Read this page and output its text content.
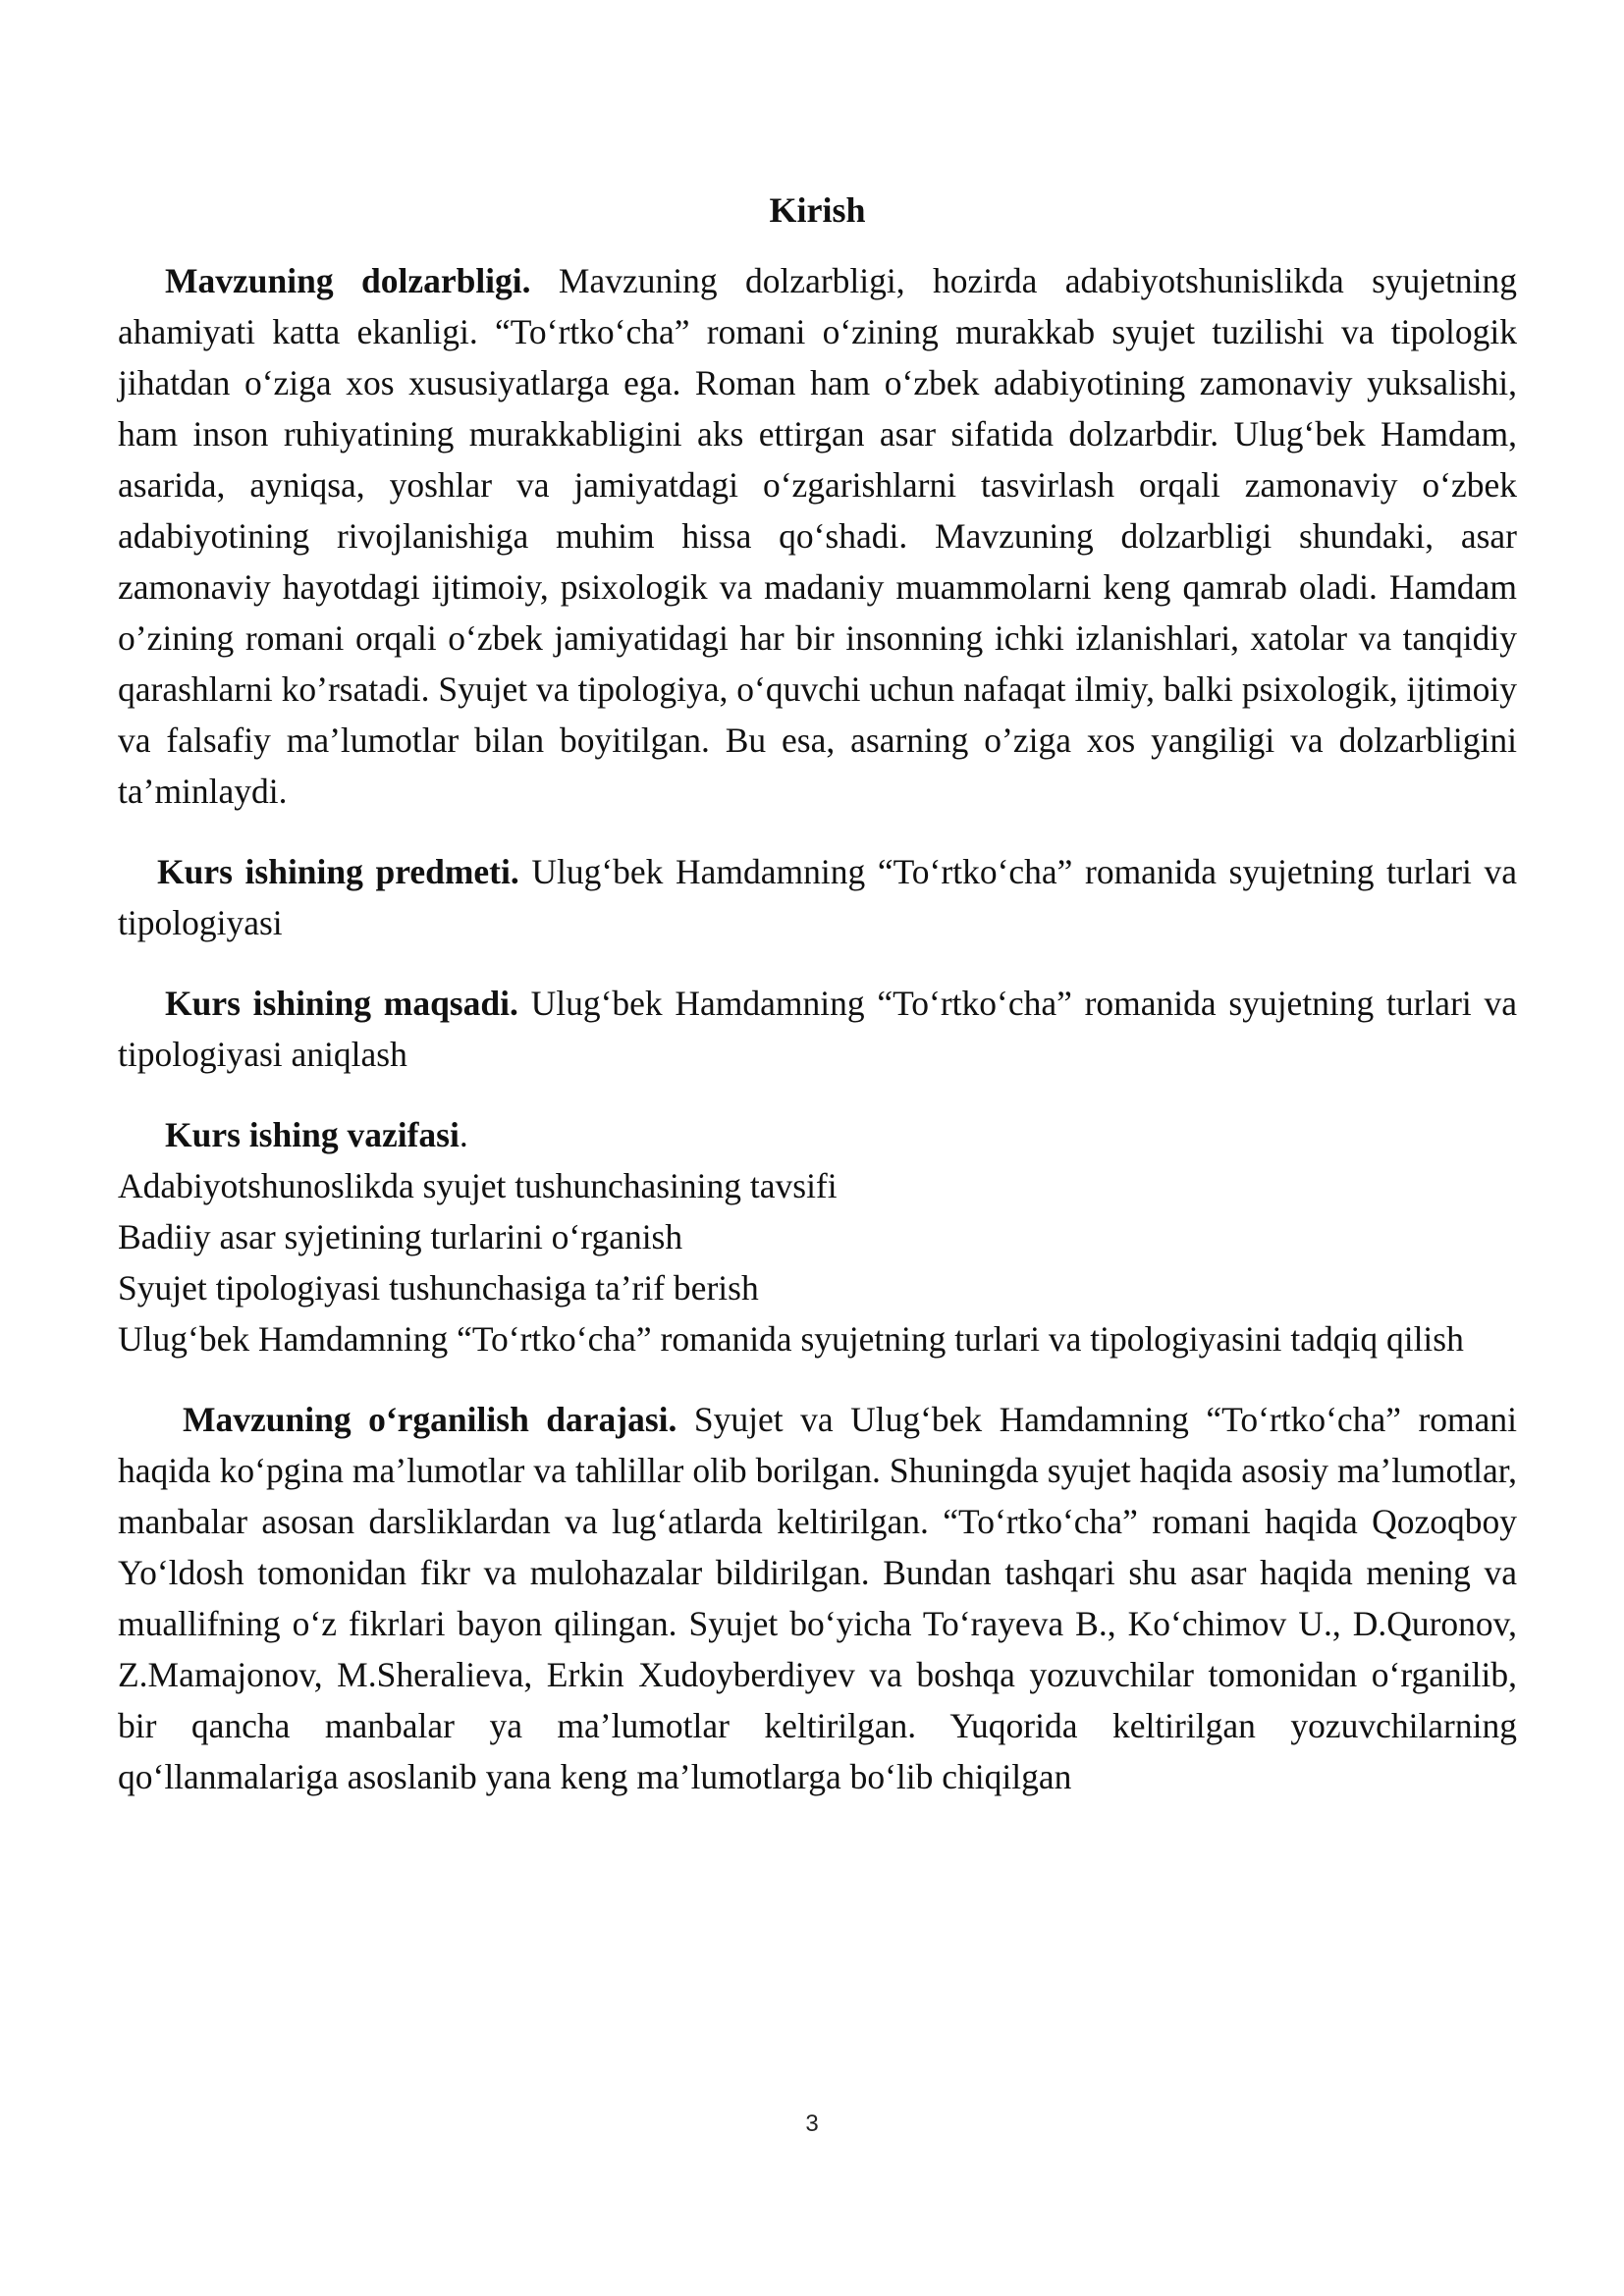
Kirish

Mavzuning dolzarbligi. Mavzuning dolzarbligi, hozirda adabiyotshunislikda syujetning ahamiyati katta ekanligi. “To‘rtko‘cha” romani o‘zining murakkab syujet tuzilishi va tipologik jihatdan o‘ziga xos xususiyatlarga ega. Roman ham o‘zbek adabiyotining zamonaviy yuksalishi, ham inson ruhiyatining murakkabligini aks ettirgan asar sifatida dolzarbdir. Ulug‘bek Hamdam, asarida, ayniqsa, yoshlar va jamiyatdagi o‘zgarishlarni tasvirlash orqali zamonaviy o‘zbek adabiyotining rivojlanishiga muhim hissa qo‘shadi. Mavzuning dolzarbligi shundaki, asar zamonaviy hayotdagi ijtimoiy, psixologik va madaniy muammolarni keng qamrab oladi. Hamdam o’zining romani orqali o‘zbek jamiyatidagi har bir insonning ichki izlanishlari, xatolar va tanqidiy qarashlarni ko’rsatadi. Syujet va tipologiya, o‘quvchi uchun nafaqat ilmiy, balki psixologik, ijtimoiy va falsafiy ma’lumotlar bilan boyitilgan. Bu esa, asarning o’ziga xos yangiligi va dolzarbligini ta’minlaydi.

Kurs ishining predmeti. Ulug‘bek Hamdamning “To‘rtko‘cha” romanida syujetning turlari va tipologiyasi

Kurs ishining maqsadi. Ulug‘bek Hamdamning “To‘rtko‘cha” romanida syujetning turlari va tipologiyasi aniqlash

Kurs ishing vazifasi.

Adabiyotshunoslikda syujet tushunchasining tavsifi

Badiiy asar syjetining turlarini o‘rganish

Syujet tipologiyasi tushunchasiga ta’rif berish

Ulug‘bek Hamdamning “To‘rtko‘cha” romanida syujetning turlari va tipologiyasini tadqiq qilish

Mavzuning o‘rganilish darajasi. Syujet va Ulug‘bek Hamdamning “To‘rtko‘cha” romani haqida ko‘pgina ma’lumotlar va tahlillar olib borilgan. Shuningda syujet haqida asosiy ma’lumotlar, manbalar asosan darsliklardan va lug‘atlarda keltirilgan. “To‘rtko‘cha” romani haqida Qozoqboy Yo‘ldosh tomonidan fikr va mulohazalar bildirilgan. Bundan tashqari shu asar haqida mening va muallifning o‘z fikrlari bayon qilingan. Syujet bo‘yicha To‘rayeva B., Ko‘chimov U., D.Quronov, Z.Mamajonov, M.Sheralieva, Erkin Xudoyberdiyev va boshqa yozuvchilar tomonidan o‘rganilib, bir qancha manbalar ya ma’lumotlar keltirilgan. Yuqorida keltirilgan yozuvchilarning qo‘llanmalariga asoslanib yana keng ma’lumotlarga bo‘lib chiqilgan

3
